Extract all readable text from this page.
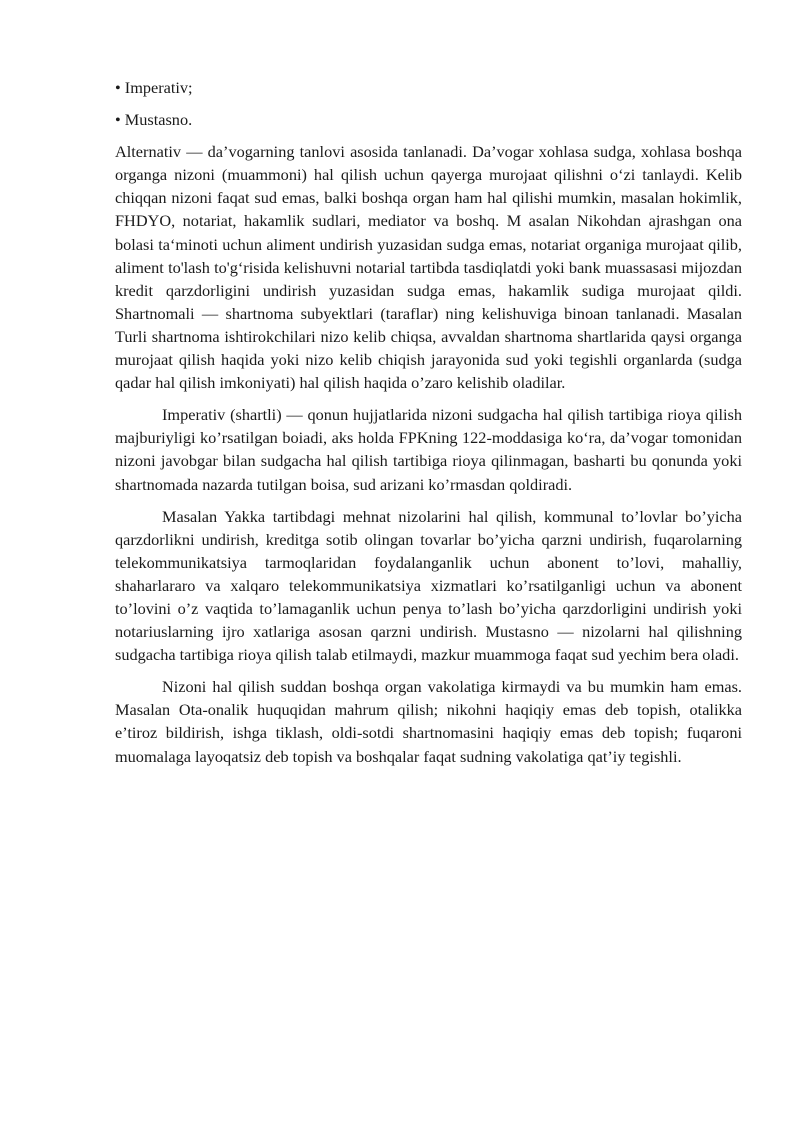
• Imperativ;

• Mustasno.

Alternativ — da’vogarning tanlovi asosida tanlanadi. Da’vogar xohlasa sudga, xohlasa boshqa organga nizoni (muammoni) hal qilish uchun qayerga murojaat qilishni o‘zi tanlaydi. Kelib chiqqan nizoni faqat sud emas, balki boshqa organ ham hal qilishi mumkin, masalan hokimlik, FHDYO, notariat, hakamlik sudlari, mediator va boshq. M asalan Nikohdan ajrashgan ona bolasi ta‘minoti uchun aliment undirish yuzasidan sudga emas, notariat organiga murojaat qilib, aliment to'lash to'g‘risida kelishuvni notarial tartibda tasdiqlatdi yoki bank muassasasi mijozdan kredit qarzdorligini undirish yuzasidan sudga emas, hakamlik sudiga murojaat qildi. Shartnomali — shartnoma subyektlari (taraflar) ning kelishuviga binoan tanlanadi. Masalan Turli shartnoma ishtirokchilari nizo kelib chiqsa, avvaldan shartnoma shartlarida qaysi organga murojaat qilish haqida yoki nizo kelib chiqish jarayonida sud yoki tegishli organlarda (sudga qadar hal qilish imkoniyati) hal qilish haqida o’zaro kelishib oladilar.

Imperativ (shartli) — qonun hujjatlarida nizoni sudgacha hal qilish tartibiga rioya qilish majburiyligi ko’rsatilgan boiadi, aks holda FPKning 122-moddasiga ko‘ra, da’vogar tomonidan nizoni javobgar bilan sudgacha hal qilish tartibiga rioya qilinmagan, basharti bu qonunda yoki shartnomada nazarda tutilgan boisa, sud arizani ko’rmasdan qoldiradi.

Masalan Yakka tartibdagi mehnat nizolarini hal qilish, kommunal to’lovlar bo’yicha qarzdorlikni undirish, kreditga sotib olingan tovarlar bo’yicha qarzni undirish, fuqarolarning telekommunikatsiya tarmoqlaridan foydalanganlik uchun abonent to’lovi, mahalliy, shaharlararo va xalqaro telekommunikatsiya xizmatlari ko’rsatilganligi uchun va abonent to’lovini o’z vaqtida to’lamaganlik uchun penya to’lash bo’yicha qarzdorligini undirish yoki notariuslarning ijro xatlariga asosan qarzni undirish. Mustasno — nizolarni hal qilishning sudgacha tartibiga rioya qilish talab etilmaydi, mazkur muammoga faqat sud yechim bera oladi.

Nizoni hal qilish suddan boshqa organ vakolatiga kirmaydi va bu mumkin ham emas. Masalan Ota-onalik huquqidan mahrum qilish; nikohni haqiqiy emas deb topish, otalikka e’tiroz bildirish, ishga tiklash, oldi-sotdi shartnomasini haqiqiy emas deb topish; fuqaroni muomalaga layoqatsiz deb topish va boshqalar faqat sudning vakolatiga qat’iy tegishli.
